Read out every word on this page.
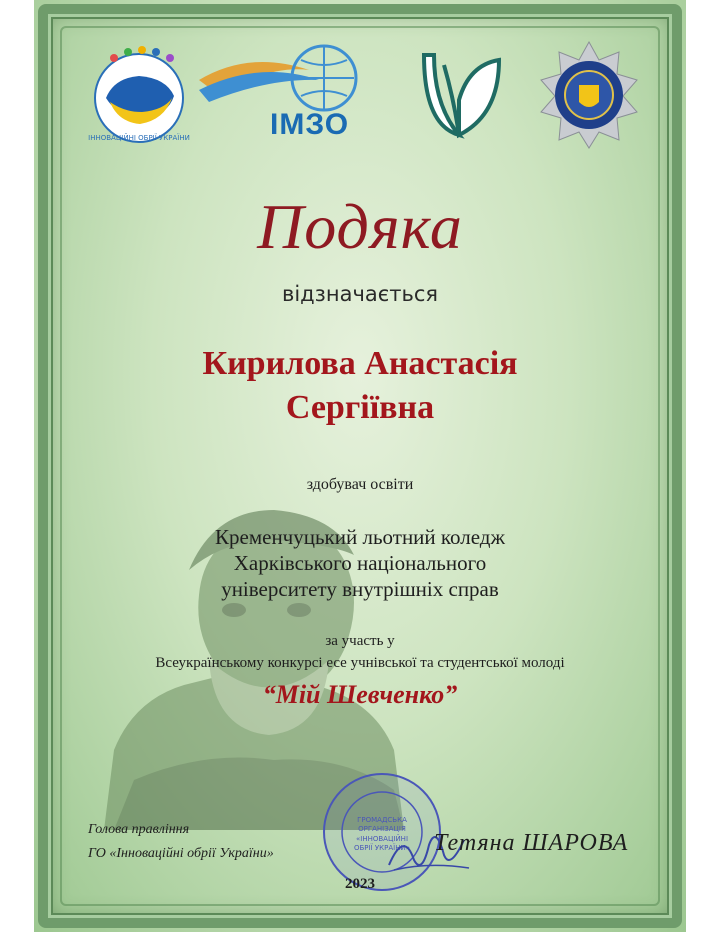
ІННОВАЦІЙНІ ОБРІЇ УКРАЇНИ	ІМЗО
Подяка
відзначається
Кирилова Анастасія
Сергіївна
здобувач освіти
Кременчуцький льотний коледж
Харківського національного
університету внутрішніх справ
за участь у
Всеукраїнському конкурсі есе учнівської та студентської молоді
“Мій Шевченко”
ГРОМАДСЬКА
ОРГАНІЗАЦІЯ
«ІННОВАЦІЙНІ
ОБРІЇ УКРАЇНИ»
Голова правління
ГО «Інноваційні обрії України»	Тетяна ШАРОВА
2023
